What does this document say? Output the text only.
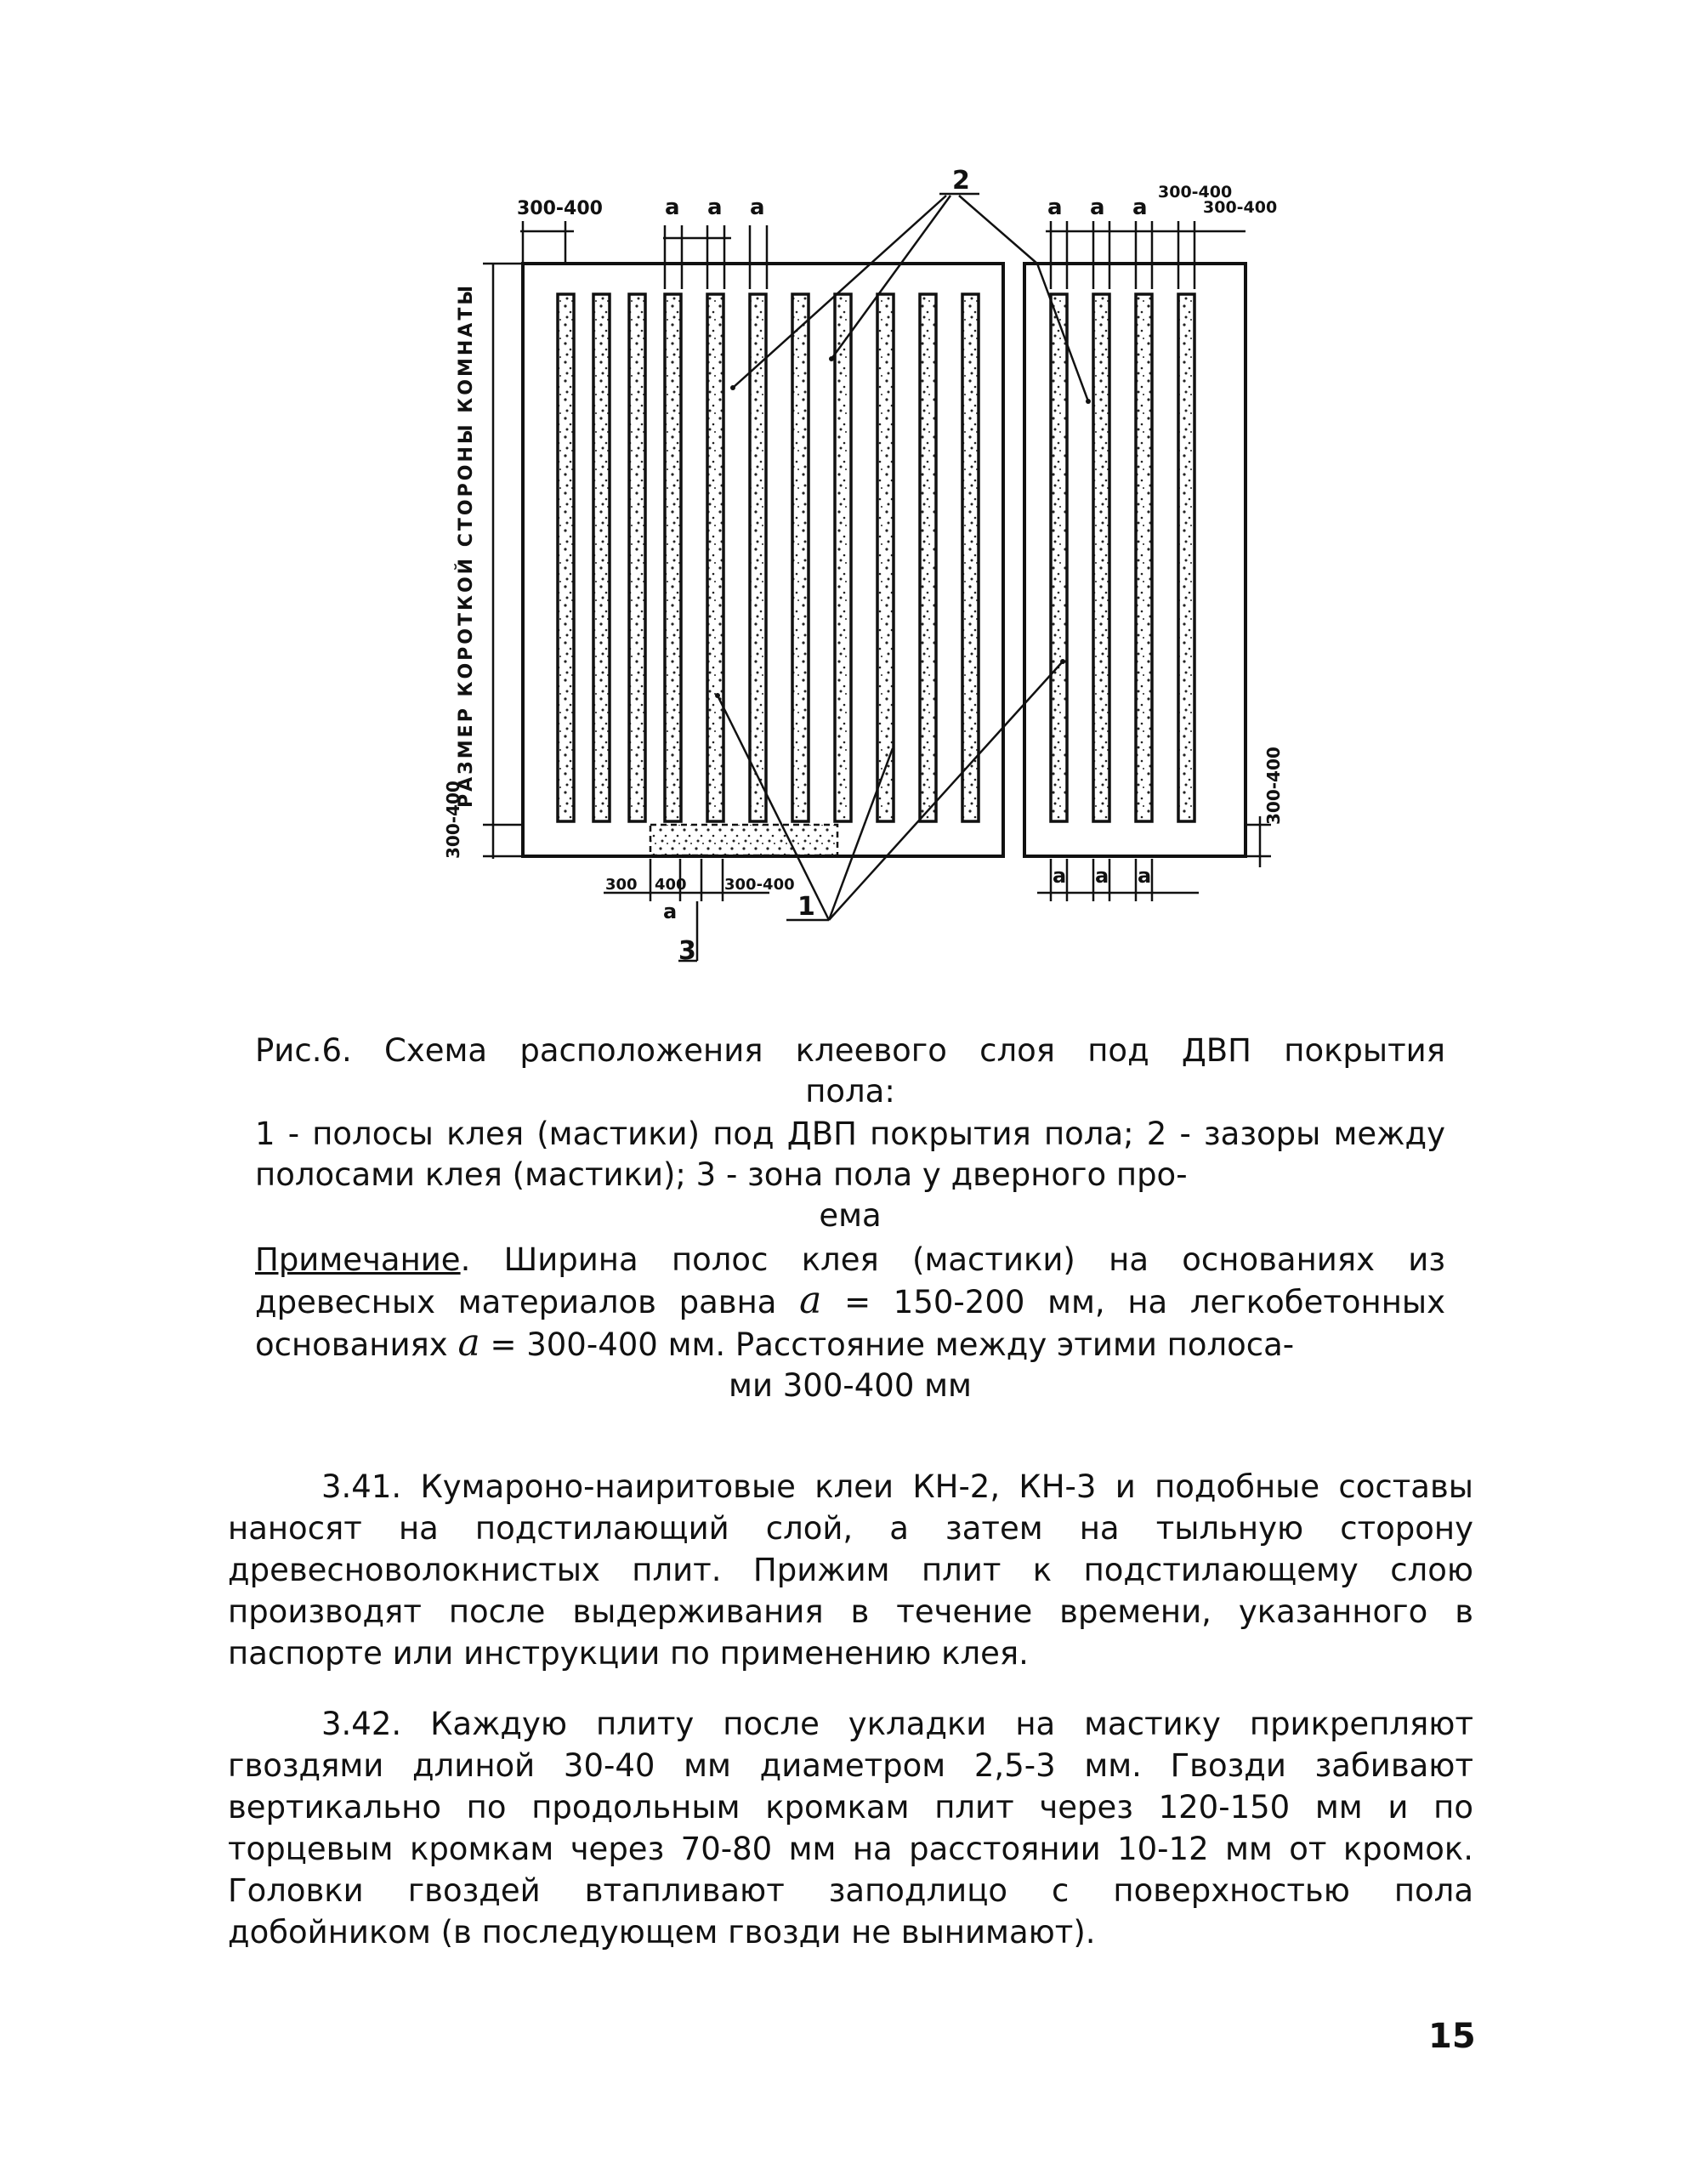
РАЗМЕР КОРОТКОЙ СТОРОНЫ КОМНАТЫ
300-400	a a a	a a a
300-400
300-400
300-400	300-400
a a a
300 400 300-400
a
2
1
3
Рис.6. Схема расположения клеевого слоя под ДВП покрытия
пола:
1 - полосы клея (мастики) под ДВП покрытия пола; 2 - зазоры между полосами клея (мастики); 3 - зона пола у дверного про-
ема
Примечание. Ширина полос клея (мастики) на основаниях из древесных материалов равна a = 150-200 мм, на легкобетонных основаниях a = 300-400 мм. Расстояние между этими полоса-
ми 300-400 мм
3.41. Кумароно-наиритовые клеи КН-2, КН-3 и подобные составы наносят на подстилающий слой, а затем на тыльную сторону древесноволокнистых плит. Прижим плит к подстилающему слою производят после выдерживания в течение времени, указанного в паспорте или инструкции по применению клея.
3.42. Каждую плиту после укладки на мастику прикрепляют гвоздями длиной 30-40 мм диаметром 2,5-3 мм. Гвозди забивают вертикально по продольным кромкам плит через 120-150 мм и по торцевым кромкам через 70-80 мм на расстоянии 10-12 мм от кромок. Головки гвоздей втапливают заподлицо с поверхностью пола добойником (в последующем гвозди не вынимают).
15
